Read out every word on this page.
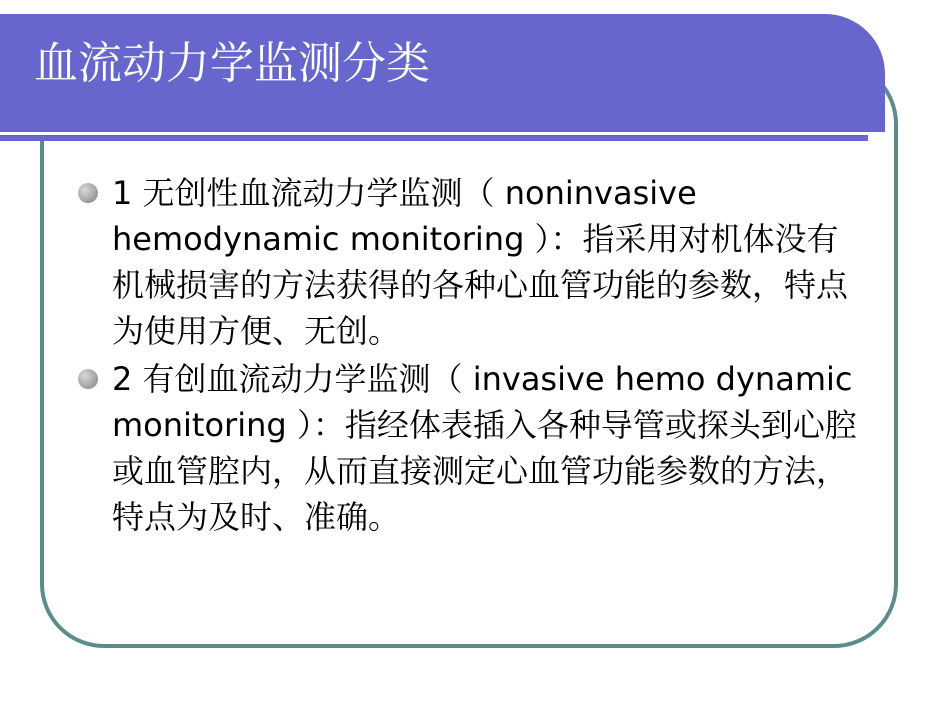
血流动力学监测分类
1 无创性血流动力学监测（ noninvasive hemodynamic monitoring ）：指采用对机体没有机械损害的方法获得的各种心血管功能的参数，特点为使用方便、无创。
2 有创血流动力学监测（ invasive hemo dynamic monitoring ）：指经体表插入各种导管或探头到心腔或血管腔内，从而直接测定心血管功能参数的方法，特点为及时、准确。
